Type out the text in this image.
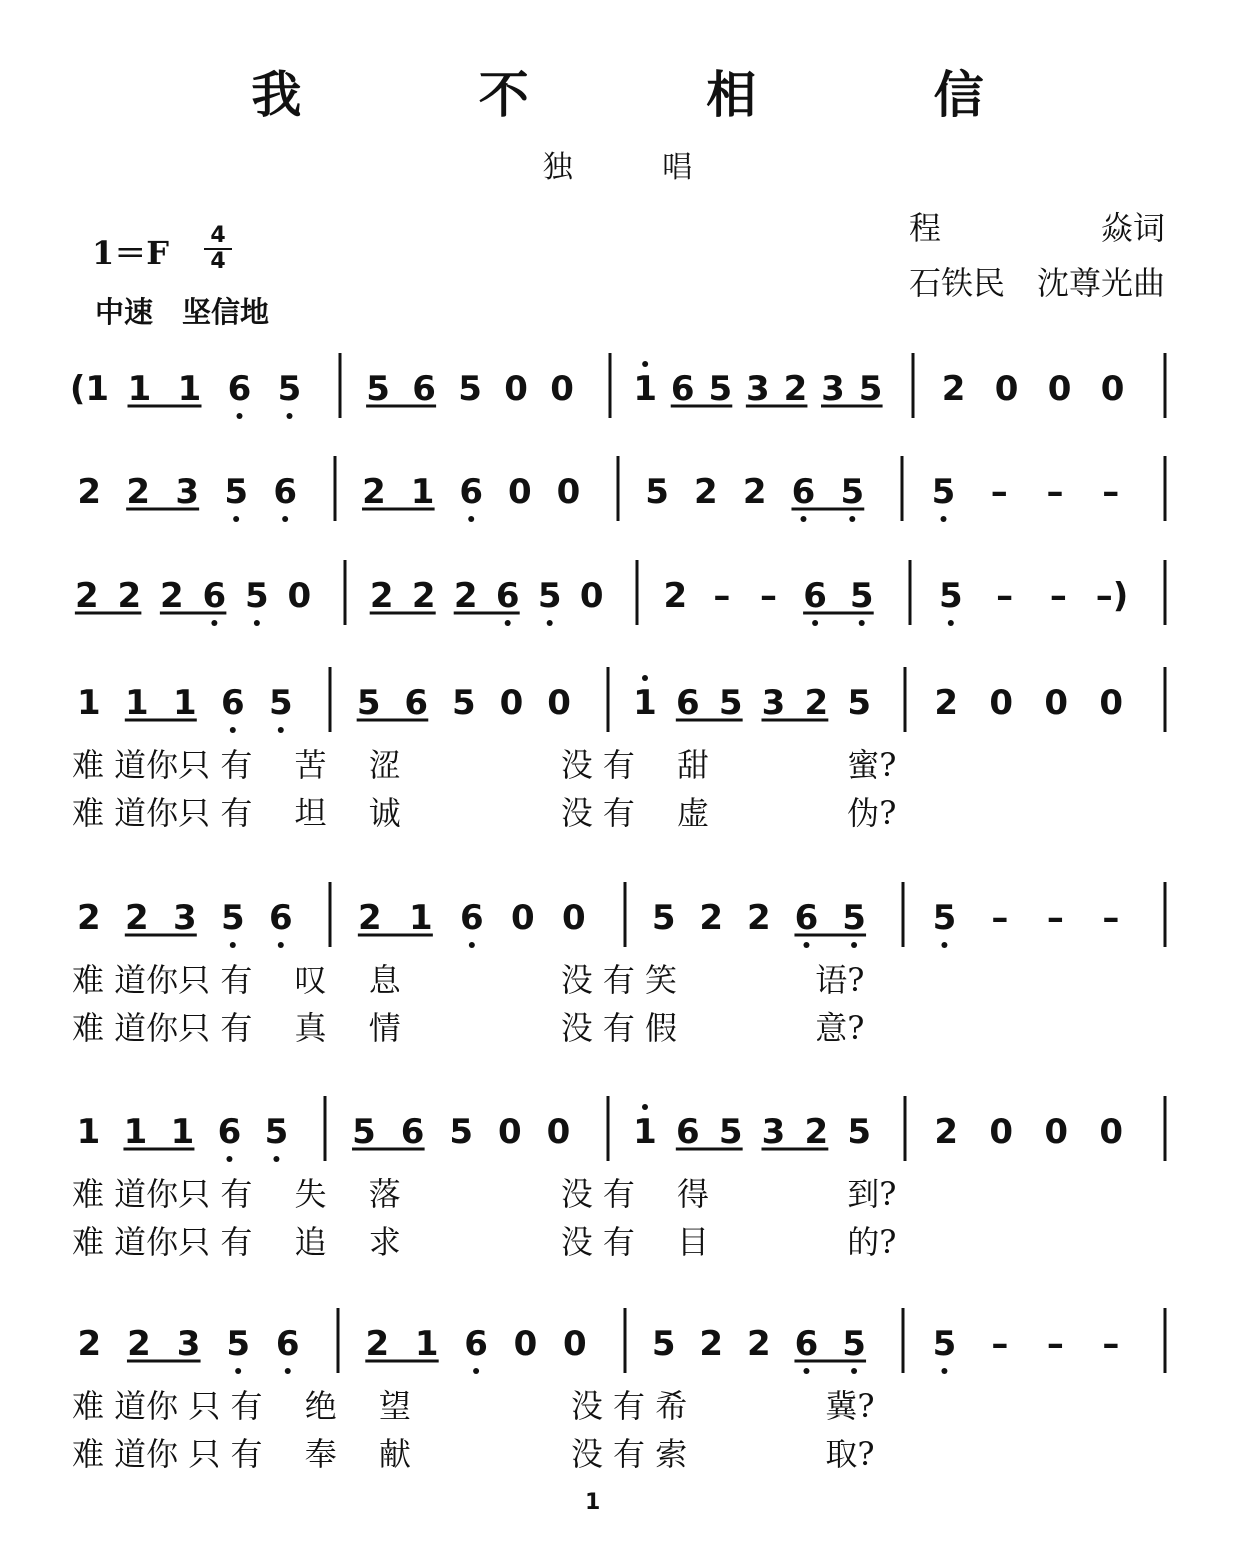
我 不 相 信
独 唱
1＝F 4
4
中速　坚信地
程　　　　　焱词
石铁民　沈尊光曲
(1 1 1 6 5 5 6 5 0 0 1 6 5 3 2 3 5 2 0 0 0
2 2 3 5 6 2 1 6 0 0 5 2 2 6 5 5 – – –
2 2 2 6 5 0 2 2 2 6 5 0 2 – – 6 5 5 – – –)
1 1 1 6 5 5 6 5 0 0 1 6 5 3 2 5 2 0 0 0
2 2 3 5 6 2 1 6 0 0 5 2 2 6 5 5 – – –
1 1 1 6 5 5 6 5 0 0 1 6 5 3 2 5 2 0 0 0
2 2 3 5 6 2 1 6 0 0 5 2 2 6 5 5 – – –
难 道你只 有　 苦　 涩　　　　　没 有　 甜　　　　 蜜?
难 道你只 有　 坦　 诚　　　　　没 有　 虚　　　　 伪?
难 道你只 有　 叹　 息　　　　　没 有 笑　　　　 语?
难 道你只 有　 真　 情　　　　　没 有 假　　　　 意?
难 道你只 有　 失　 落　　　　　没 有　 得　　　　 到?
难 道你只 有　 追　 求　　　　　没 有　 目　　　　 的?
难 道你 只 有　 绝　 望　　　　　没 有 希　　　　 冀?
难 道你 只 有　 奉　 献　　　　　没 有 索　　　　 取?
1
